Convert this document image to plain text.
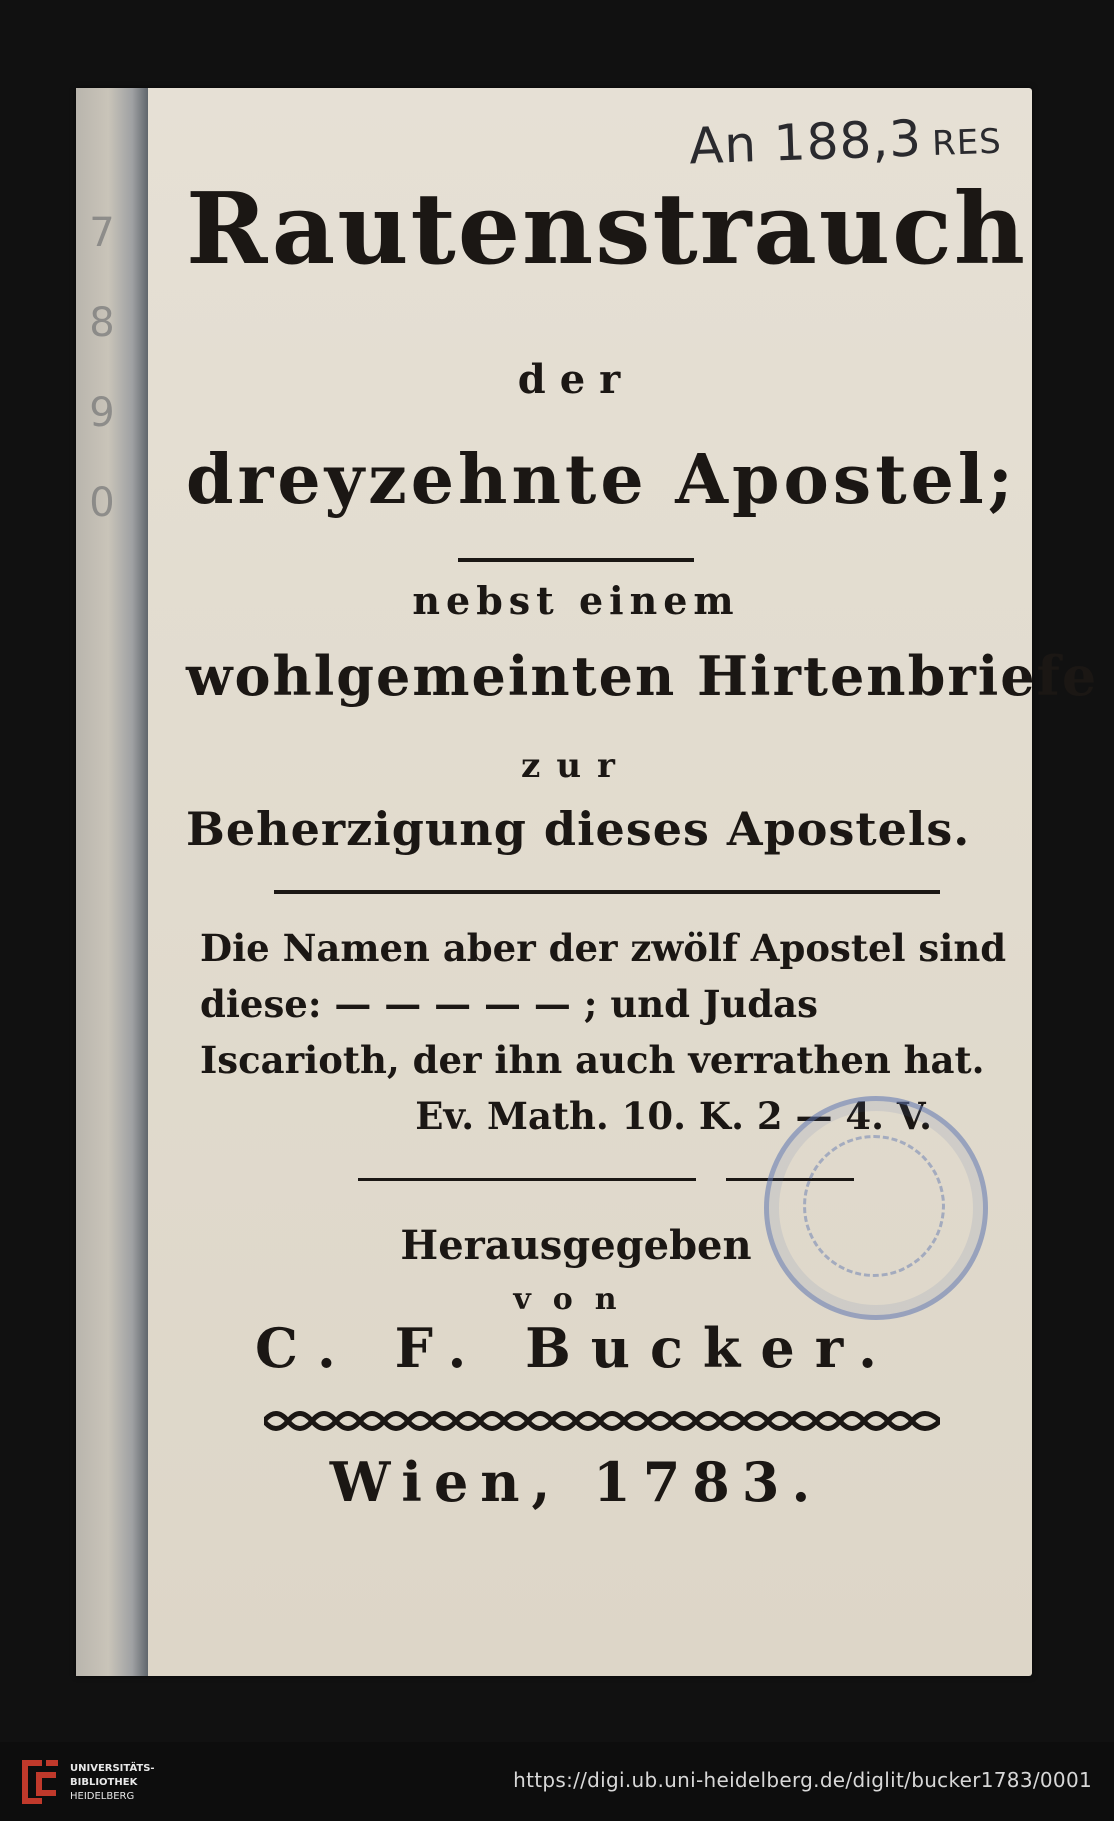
7
8
9
0
An 188,3 RES

Rautenstrauch

der

dreyzehnte Apostel;

nebst einem

wohlgemeinten Hirtenbriefe

zur

Beherzigung dieses Apostels.

Die Namen aber der zwölf Apostel sind
diese: — — — — — ; und Judas
Iscarioth, der ihn auch verrathen hat.
Ev. Math. 10. K. 2 — 4. V.

Herausgegeben

von

C. F. Bucker.

Wien, 1783.

UNIVERSITÄTS-
BIBLIOTHEK
HEIDELBERG
https://digi.ub.uni-heidelberg.de/diglit/bucker1783/0001
